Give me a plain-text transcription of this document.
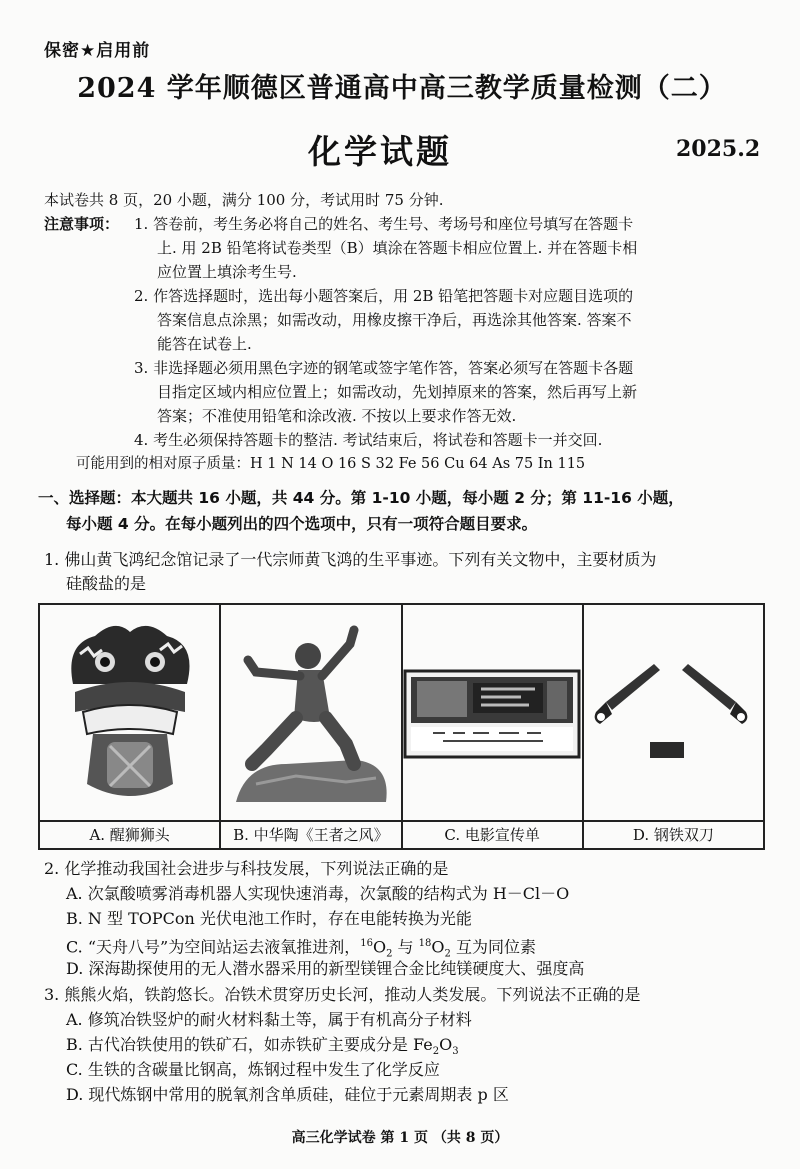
保密★启用前
2024 学年顺德区普通高中高三教学质量检测（二）
化学试题	2025.2
本试卷共 8 页，20 小题，满分 100 分，考试用时 75 分钟.
注意事项： 1. 答卷前，考生务必将自己的姓名、考生号、考场号和座位号填写在答题卡
上. 用 2B 铅笔将试卷类型（B）填涂在答题卡相应位置上. 并在答题卡相
应位置上填涂考生号.
2. 作答选择题时，选出每小题答案后，用 2B 铅笔把答题卡对应题目选项的
答案信息点涂黑；如需改动，用橡皮擦干净后，再选涂其他答案. 答案不
能答在试卷上.
3. 非选择题必须用黑色字迹的钢笔或签字笔作答，答案必须写在答题卡各题
目指定区域内相应位置上；如需改动，先划掉原来的答案，然后再写上新
答案；不准使用铅笔和涂改液. 不按以上要求作答无效.
4. 考生必须保持答题卡的整洁. 考试结束后，将试卷和答题卡一并交回.
可能用到的相对原子质量：H 1 N 14 O 16 S 32 Fe 56 Cu 64 As 75 In 115
一、选择题：本大题共 16 小题，共 44 分。第 1-10 小题，每小题 2 分；第 11-16 小题，
每小题 4 分。在每小题列出的四个选项中，只有一项符合题目要求。
1. 佛山黄飞鸿纪念馆记录了一代宗师黄飞鸿的生平事迹。下列有关文物中，主要材质为
硅酸盐的是
A. 醒狮狮头	B. 中华陶《王者之风》	C. 电影宣传单	D. 钢铁双刀
2. 化学推动我国社会进步与科技发展，下列说法正确的是
A. 次氯酸喷雾消毒机器人实现快速消毒，次氯酸的结构式为 H－Cl－O
B. N 型 TOPCon 光伏电池工作时，存在电能转换为光能
C. “天舟八号”为空间站运去液氧推进剂，$^{16}O_2$ 与 $^{18}O_2$ 互为同位素
D. 深海勘探使用的无人潜水器采用的新型镁锂合金比纯镁硬度大、强度高
3. 熊熊火焰，铁韵悠长。冶铁术贯穿历史长河，推动人类发展。下列说法不正确的是
A. 修筑冶铁竖炉的耐火材料黏土等，属于有机高分子材料
B. 古代冶铁使用的铁矿石，如赤铁矿主要成分是 $Fe_2O_3$
C. 生铁的含碳量比钢高，炼钢过程中发生了化学反应
D. 现代炼钢中常用的脱氧剂含单质硅，硅位于元素周期表 p 区
高三化学试卷 第 1 页 （共 8 页）
